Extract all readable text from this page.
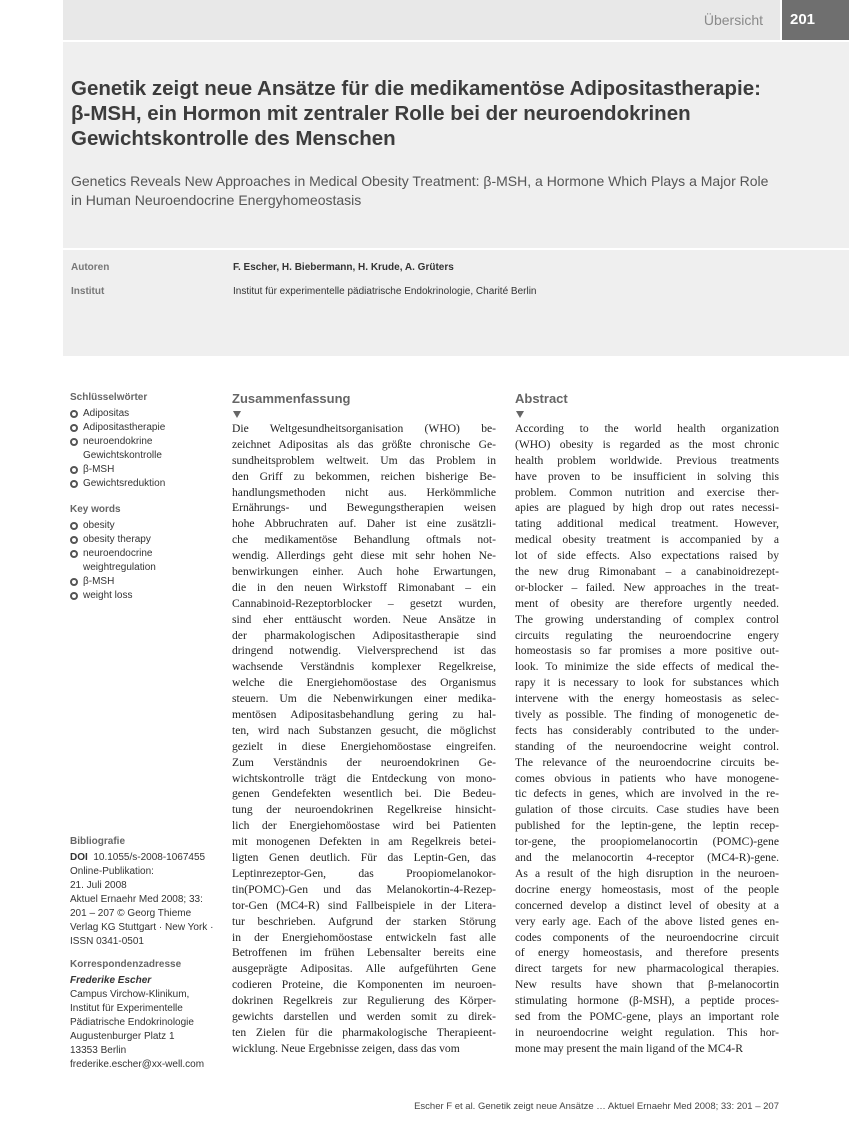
Übersicht	201
Genetik zeigt neue Ansätze für die medikamentöse Adipositastherapie:
β-MSH, ein Hormon mit zentraler Rolle bei der neuroendokrinen
Gewichtskontrolle des Menschen
Genetics Reveals New Approaches in Medical Obesity Treatment: β-MSH, a Hormone Which Plays a Major Role
in Human Neuroendocrine Energyhomeostasis
Autoren	F. Escher, H. Biebermann, H. Krude, A. Grüters
Institut	Institut für experimentelle pädiatrische Endokrinologie, Charité Berlin
Schlüsselwörter
Adipositas
Adipositastherapie
neuroendokrine
Gewichtskontrolle
β-MSH
Gewichtsreduktion
Key words
obesity
obesity therapy
neuroendocrine
weightregulation
β-MSH
weight loss
Bibliografie
DOI 10.1055/s-2008-1067455
Online-Publikation:
21. Juli 2008
Aktuel Ernaehr Med 2008; 33:
201 – 207 © Georg Thieme
Verlag KG Stuttgart · New York ·
ISSN 0341-0501
Korrespondenzadresse
Frederike Escher
Campus Virchow-Klinikum,
Institut für Experimentelle
Pädiatrische Endokrinologie
Augustenburger Platz 1
13353 Berlin
frederike.escher@xx-well.com
Zusammenfassung
Die Weltgesundheitsorganisation (WHO) be-
zeichnet Adipositas als das größte chronische Ge-
sundheitsproblem weltweit. Um das Problem in
den Griff zu bekommen, reichen bisherige Be-
handlungsmethoden nicht aus. Herkömmliche
Ernährungs- und Bewegungstherapien weisen
hohe Abbruchraten auf. Daher ist eine zusätzli-
che medikamentöse Behandlung oftmals not-
wendig. Allerdings geht diese mit sehr hohen Ne-
benwirkungen einher. Auch hohe Erwartungen,
die in den neuen Wirkstoff Rimonabant – ein
Cannabinoid-Rezeptorblocker – gesetzt wurden,
sind eher enttäuscht worden. Neue Ansätze in
der pharmakologischen Adipositastherapie sind
dringend notwendig. Vielversprechend ist das
wachsende Verständnis komplexer Regelkreise,
welche die Energiehomöostase des Organismus
steuern. Um die Nebenwirkungen einer medika-
mentösen Adipositasbehandlung gering zu hal-
ten, wird nach Substanzen gesucht, die möglichst
gezielt in diese Energiehomöostase eingreifen.
Zum Verständnis der neuroendokrinen Ge-
wichtskontrolle trägt die Entdeckung von mono-
genen Gendefekten wesentlich bei. Die Bedeu-
tung der neuroendokrinen Regelkreise hinsicht-
lich der Energiehomöostase wird bei Patienten
mit monogenen Defekten in am Regelkreis betei-
ligten Genen deutlich. Für das Leptin-Gen, das
Leptinrezeptor-Gen, das Proopiomelanokor-
tin(POMC)-Gen und das Melanokortin-4-Rezep-
tor-Gen (MC4-R) sind Fallbeispiele in der Litera-
tur beschrieben. Aufgrund der starken Störung
in der Energiehomöostase entwickeln fast alle
Betroffenen im frühen Lebensalter bereits eine
ausgeprägte Adipositas. Alle aufgeführten Gene
codieren Proteine, die Komponenten im neuroen-
dokrinen Regelkreis zur Regulierung des Körper-
gewichts darstellen und werden somit zu direk-
ten Zielen für die pharmakologische Therapieent-
wicklung. Neue Ergebnisse zeigen, dass das vom
Abstract
According to the world health organization
(WHO) obesity is regarded as the most chronic
health problem worldwide. Previous treatments
have proven to be insufficient in solving this
problem. Common nutrition and exercise ther-
apies are plagued by high drop out rates necessi-
tating additional medical treatment. However,
medical obesity treatment is accompanied by a
lot of side effects. Also expectations raised by
the new drug Rimonabant – a canabinoidrezept-
or-blocker – failed. New approaches in the treat-
ment of obesity are therefore urgently needed.
The growing understanding of complex control
circuits regulating the neuroendocrine engery
homeostasis so far promises a more positive out-
look. To minimize the side effects of medical the-
rapy it is necessary to look for substances which
intervene with the energy homeostasis as selec-
tively as possible. The finding of monogenetic de-
fects has considerably contributed to the under-
standing of the neuroendocrine weight control.
The relevance of the neuroendocrine circuits be-
comes obvious in patients who have monogene-
tic defects in genes, which are involved in the re-
gulation of those circuits. Case studies have been
published for the leptin-gene, the leptin recep-
tor-gene, the proopiomelanocortin (POMC)-gene
and the melanocortin 4-receptor (MC4-R)-gene.
As a result of the high disruption in the neuroen-
docrine energy homeostasis, most of the people
concerned develop a distinct level of obesity at a
very early age. Each of the above listed genes en-
codes components of the neuroendocrine circuit
of energy homeostasis, and therefore presents
direct targets for new pharmacological therapies.
New results have shown that β-melanocortin
stimulating hormone (β-MSH), a peptide proces-
sed from the POMC-gene, plays an important role
in neuroendocrine weight regulation. This hor-
mone may present the main ligand of the MC4-R
Escher F et al. Genetik zeigt neue Ansätze … Aktuel Ernaehr Med 2008; 33: 201 – 207
